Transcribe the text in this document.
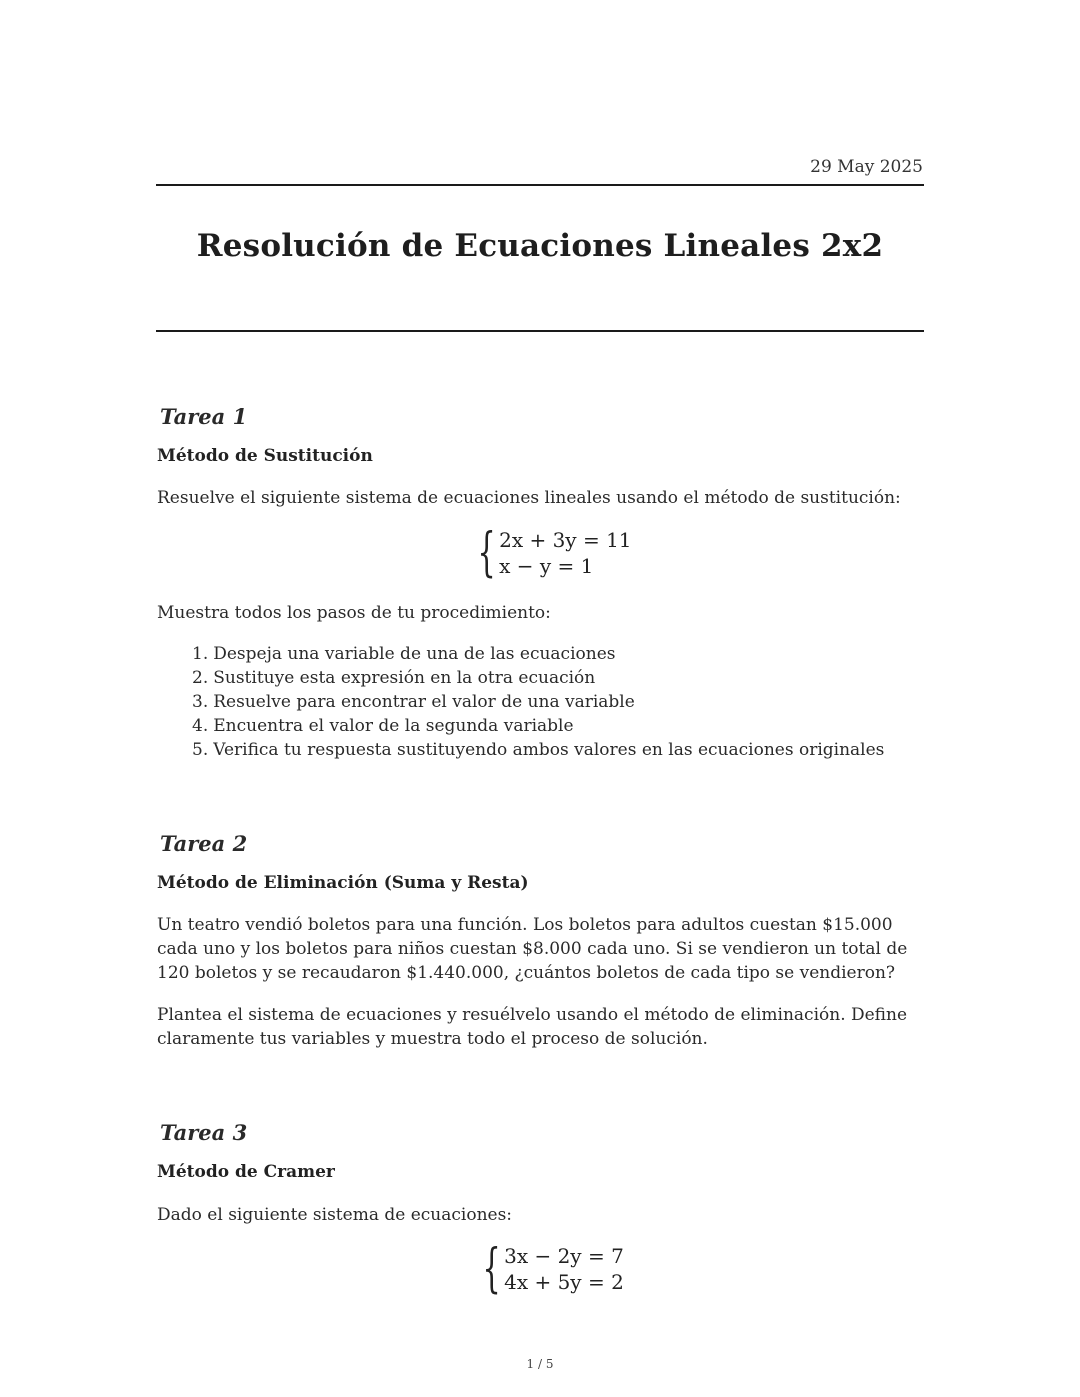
29 May 2025
Resolución de Ecuaciones Lineales 2x2
Tarea 1
Método de Sustitución
Resuelve el siguiente sistema de ecuaciones lineales usando el método de sustitución:
{ 2x + 3y = 11
x − y = 1
Muestra todos los pasos de tu procedimiento:
1. Despeja una variable de una de las ecuaciones
2. Sustituye esta expresión en la otra ecuación
3. Resuelve para encontrar el valor de una variable
4. Encuentra el valor de la segunda variable
5. Verifica tu respuesta sustituyendo ambos valores en las ecuaciones originales
Tarea 2
Método de Eliminación (Suma y Resta)
Un teatro vendió boletos para una función. Los boletos para adultos cuestan $15.000 cada uno y los boletos para niños cuestan $8.000 cada uno. Si se vendieron un total de 120 boletos y se recaudaron $1.440.000, ¿cuántos boletos de cada tipo se vendieron?
Plantea el sistema de ecuaciones y resuélvelo usando el método de eliminación. Define claramente tus variables y muestra todo el proceso de solución.
Tarea 3
Método de Cramer
Dado el siguiente sistema de ecuaciones:
{ 3x − 2y = 7
4x + 5y = 2
1 / 5
